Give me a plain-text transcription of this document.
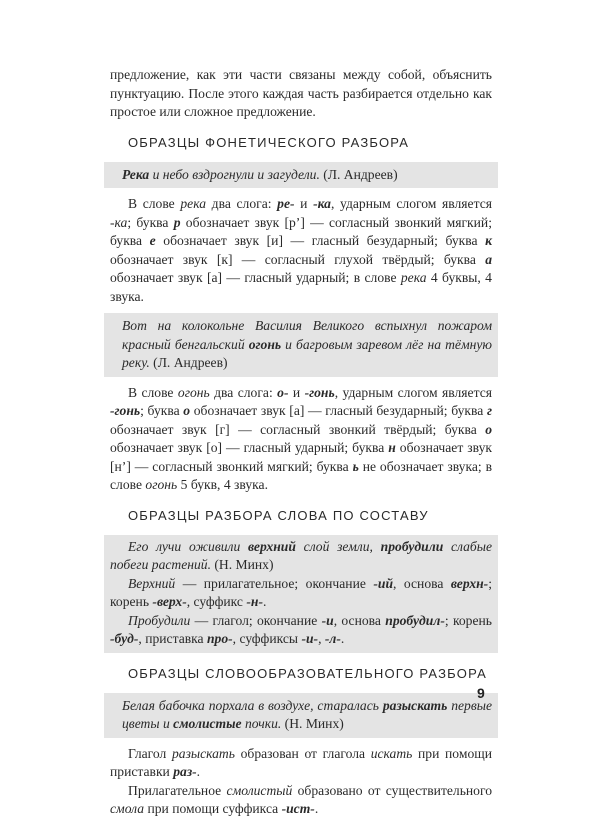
предложение, как эти части связаны между собой, объяснить пунктуацию. После этого каждая часть разбирается отдельно как простое или сложное предложение.

ОБРАЗЦЫ ФОНЕТИЧЕСКОГО РАЗБОРА

Река и небо вздрогнули и загудели. (Л. Андреев)

В слове река два слога: ре- и -ка, ударным слогом является -ка; буква р обозначает звук [р’] — согласный звонкий мягкий; буква е обозначает звук [и] — гласный безударный; буква к обозначает звук [к] — согласный глухой твёрдый; буква а обозначает звук [а] — гласный ударный; в слове река 4 буквы, 4 звука.

Вот на колокольне Василия Великого вспыхнул пожаром красный бенгальский огонь и багровым заревом лёг на тёмную реку. (Л. Андреев)

В слове огонь два слога: о- и -гонь, ударным слогом является -гонь; буква о обозначает звук [а] — гласный безударный; буква г обозначает звук [г] — согласный звонкий твёрдый; буква о обозначает звук [о] — гласный ударный; буква н обозначает звук [н’] — согласный звонкий мягкий; буква ь не обозначает звука; в слове огонь 5 букв, 4 звука.

ОБРАЗЦЫ РАЗБОРА СЛОВА ПО СОСТАВУ

Его лучи оживили верхний слой земли, пробудили слабые побеги растений. (Н. Минх)

Верхний — прилагательное; окончание -ий, основа верхн-; корень -верх-, суффикс -н-.

Пробудили — глагол; окончание -и, основа пробудил-; корень -буд-, приставка про-, суффиксы -и-, -л-.

ОБРАЗЦЫ СЛОВООБРАЗОВАТЕЛЬНОГО РАЗБОРА

Белая бабочка порхала в воздухе, старалась разыскать первые цветы и смолистые почки. (Н. Минх)

Глагол разыскать образован от глагола искать при помощи приставки раз-.

Прилагательное смолистый образовано от существительного смола при помощи суффикса -ист-.

9
